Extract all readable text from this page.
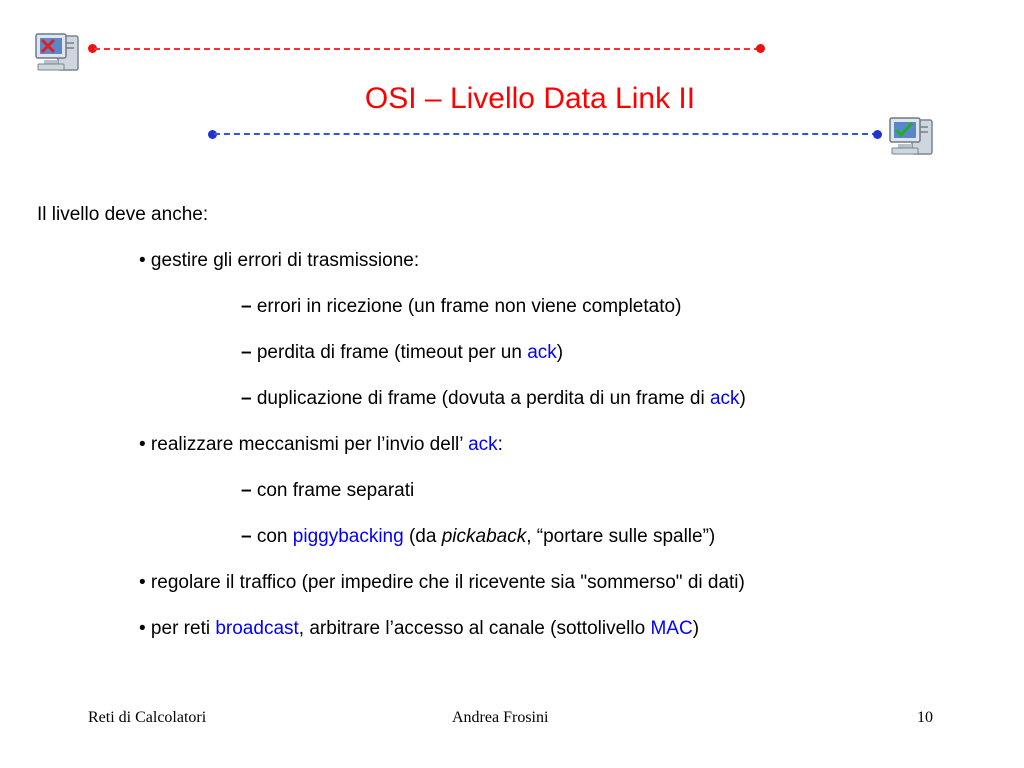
OSI – Livello Data Link II
Il livello deve anche:
• gestire gli errori di trasmissione:
– errori in ricezione (un frame non viene completato)
– perdita di frame (timeout per un ack)
– duplicazione di frame (dovuta a perdita di un frame di ack)
• realizzare meccanismi per l’invio dell’ ack:
– con frame separati
– con piggybacking (da pickaback, “portare sulle spalle”)
• regolare il traffico (per impedire che il ricevente sia "sommerso" di dati)
• per reti broadcast, arbitrare l’accesso al canale (sottolivello MAC)
Reti di Calcolatori	Andrea Frosini	10
